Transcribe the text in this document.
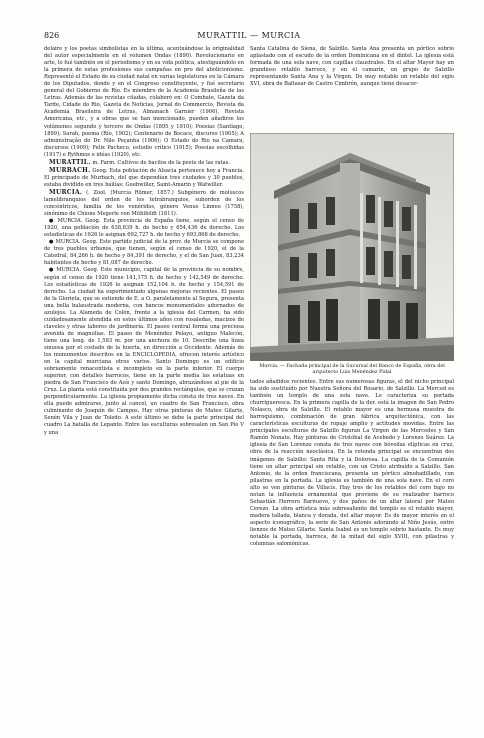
826	MURATTIL — MURCIA

delaire y los poetas simbolistas en la última, acentuándose la originalidad del autor especialmente en el volumen Ondas (1890). Revolucionario en arte, lo fué también en el periodismo y en su vida política, atestiguándolo en la primera de estas profesiones sus campañas en pro del abolicionismo. Representó el Estado de su ciudad natal en varias legislaturas en la Cámara de los Diputados, donde y en el Congreso constituyente, y fué secretario general del Gobierno de Río. Es miembro de la Academia Brasileña de las Letras. Además de las revistas citadas, colaboró en: O Combate, Gazeta da Tarde, Cidade do Rio, Gazeta de Noticias, Jornal do Commercio, Revista da Academia Brasileira de Letras, Almanach Garnier (1906), Revista Americana, etc., y a obras que se han mencionado, pueden añadirse los volúmenes segundo y tercero de Ondas (1895 y 1910); Poesias (Santiago, 1899); Sarah, poema (Río, 1902); Centenario de Bocace, discurso (1905); A administração do Dr. Nilo Peçanha (1906); O Estado do Rio na Camara, discursos (1909); Felix Pacheco, estudio crítico (1915); Poesias escolhidas (1917) e Rythmos e idéas (1920), etc.

MURATTIL. m. Farm. Cultivos de bacilos de la peste de las ratas.

MURBACH. Geog. Esta población de Alsacia pertenece hoy a Francia. El principado de Murbach, del que dependían tres ciudades y 30 pueblos, estaba dividido en tres bailías: Guebwiller, Saint-Amarin y Watwiller.

MURCIA. (. Zool. (Murcia Römer, 1857.) Subgénero de moluscos lamelibranquios del orden de los tetrabranquios, suborden de los concéntricos, familia de los venéridos, género Venus Linneo (1758), sinónimo de Chione Megerle von Mühlfeldt (1811).

● MURCIA. Geog. Esta provincia de España tiene, según el censo de 1920, una población de 638,639 h. de hecho y 654,436 de derecho. Los estadísticas de 1926 le asignan 692,727 h. de hecho y 693,868 de derecho.

● MURCIA. Geog. Este partido judicial de la prov. de Murcia se compone de tres pueblos urbanos, que tienen, según el censo de 1920, el de la Catedral, 84,266 h. de hecho y 84,391 de derecho, y el de San Juan, 83,234 habitantes de hecho y 81,087 de derecho.

● MURCIA. Geog. Este municipio, capital de la provincia de su nombre, según el censo de 1920 tiene 141,175 h. de hecho y 142,549 de derecho. Los estadísticas de 1926 le asignan 152,104 h. de hecho y 154,591 de derecho. La ciudad ha experimentado algunas mejoras recientes. El paseo de la Glorieta, que se extiende de E. a O. paralelamente al Segura, presenta una bella balaustrada moderna, con bancos monumentales adornados de azulejos. La Alameda de Colón, frente a la iglesia del Carmen, ha sido cuidadosamente atendida en estos últimos años con rosaledas, macizos de claveles y otras labores de jardinería. El paseo central forma una preciosa avenida de magnolias. El paseo de Menéndez Pelayo, antiguo Malecón, tiene una long. de 1,583 m. por una anchura de 10. Describe una línea sinuosa por el costado de la huerta, en dirección a Occidente. Además de los monumentos descritos en la ENCICLOPEDIA, ofrecen interés artístico en la capital murciana otros varios. Santo Domingo es un edificio sobriamente renacentista e incompleto en la parte inferior. El cuerpo superior, con detalles barrocos, tiene en la parte media las estatuas en piedra de San Francisco de Asís y santo Domingo, abrazándose al pie de la Cruz. La planta está constituída por dos grandes rectángulos, que se cruzan perpendicularmente. La iglesia propiamente dicha consta de tres naves. En ella puede admirarse, junto al cancel, un cuadro de San Francisco, obra culminante de Joaquín de Campos. Hay otras pinturas de Mateo Gilarte, Senén Vila y Juan de Toledo. A este último se debe la parte principal del cuadro La batalla de Lepanto. Entre las esculturas sobresalen un San Pío V y una

Santa Catalina de Siena, de Salzillo. Santa Ana presenta un pórtico sobrio aplastado con el escudo de la orden Dominicana en el dintel. La iglesia está formada de una sola nave, con capillas claustrales. En el altar Mayor hay un grandioso retablo barroco, y en el camarín, un grupo de Salzillo representando Santa Ana y la Virgen. De muy notable un retablo del siglo XVI, obra de Baltasar de Castro Cimbrón, aunque tiene desacer-

Murcia. — Fachada principal de la Sucursal del Banco de España, obra del arquitecto Luis Menéndez Pidal

tados añadidos recientes. Entre sus numerosas figuras, el del nicho principal ha sido sustituído por Nuestra Señora del Rosario, de Salzillo. La Merced es también un templo de una sola nave. Lo caracteriza su portada churrigueresca. En la primera capilla de la der. está la imagen de San Pedro Nolasco, obra de Salzillo. El retablo mayor es una hermosa muestra de barroquismo, combinación de gran fábrica arquitectónica, con las características esculturas de ropaje amplio y actitudes movidas. Entre las principales esculturas de Salzillo figuran La Virgen de las Mercedes y San Ramón Nonato. Hay pinturas de Cristóbal de Acebedo y Lorenzo Suárez. La iglesia de San Lorenzo consta de tres naves con bóvedas elípticas en cruz, obra de la reacción neoclásica. En la rotonda principal se encuentran dos imágenes de Salzillo: Santa Rita y la Dolorosa. La capilla de la Comunión tiene un altar principal sin retablo, con un Cristo atribuído a Salzillo. San Antonio, de la orden franciscana, presenta un pórtico almohadillado, con pilastras en la portada. La iglesia es también de una sola nave. En el coro alto se ven pinturas de Villacís. Hay tres de los retablos del coro bajo no notan la influencia ornamental que proviene de su realizador barroco Sebastián Herrero Barnuevo, y dos paños de un altar lateral por Mateo Cerezo. La obra artística más sobresaliente del templo es el retablo mayor, madera tallada, blanca y dorada, del altar mayor. Es de mayor interés en el aspecto iconográfico, la serie de San Antonio adorando al Niño Jesús, entre lienzos de Mateo Gilarte. Santa Isabel es un templo sobrio bastante. Es muy notable la portada, barroca, de la mitad del siglo XVIII, con pilastras y columnas salomónicas.
